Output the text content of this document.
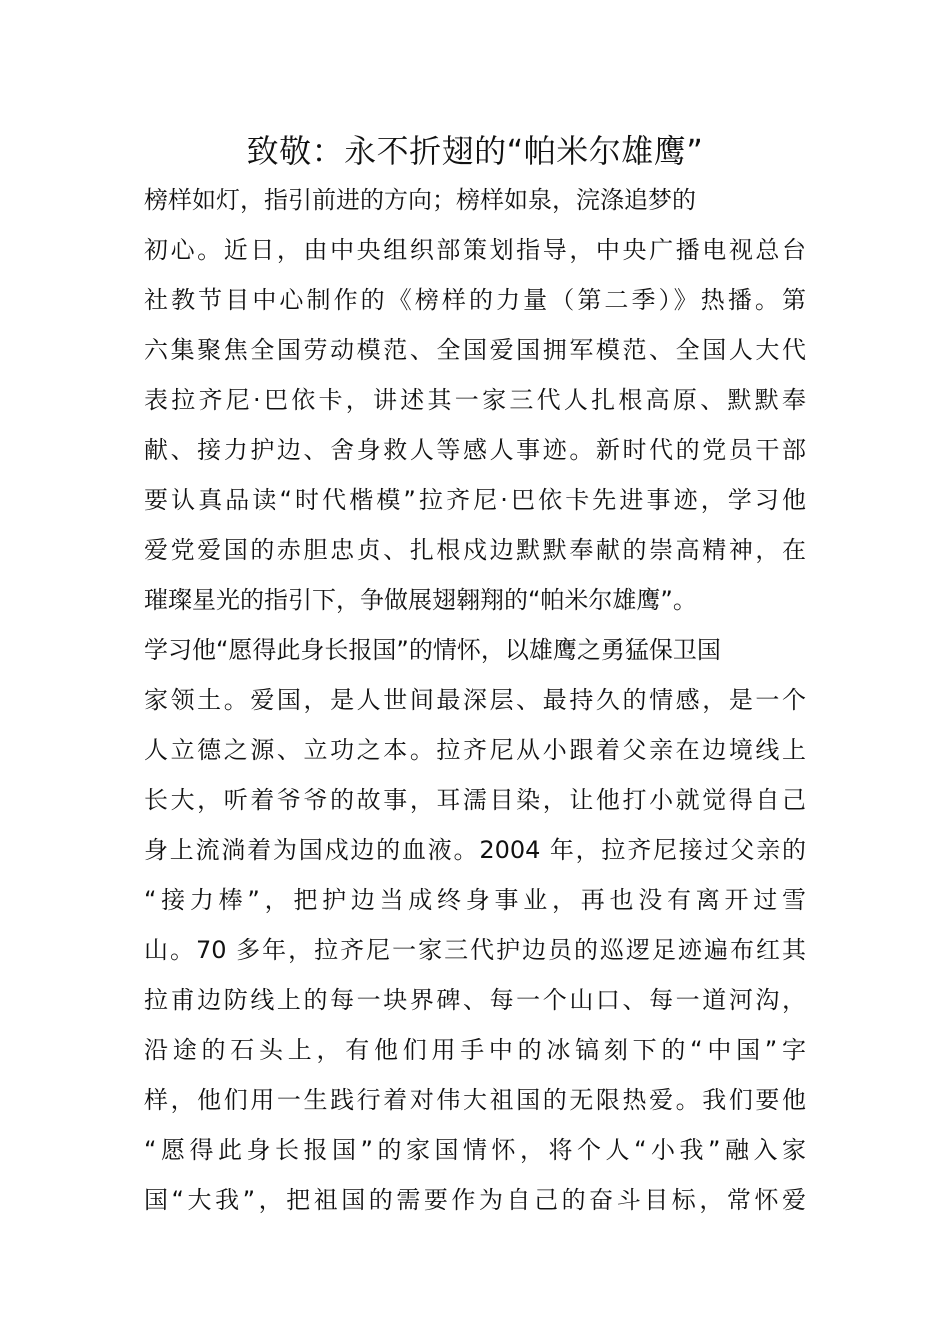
致敬：永不折翅的“帕米尔雄鹰”
榜样如灯，指引前进的方向；榜样如泉，浣涤追梦的
初心。近日，由中央组织部策划指导，中央广播电视总台
社教节目中心制作的《榜样的力量（第二季）》热播。第
六集聚焦全国劳动模范、全国爱国拥军模范、全国人大代
表拉齐尼·巴依卡，讲述其一家三代人扎根高原、默默奉
献、接力护边、舍身救人等感人事迹。新时代的党员干部
要认真品读“时代楷模”拉齐尼·巴依卡先进事迹，学习他
爱党爱国的赤胆忠贞、扎根戍边默默奉献的崇高精神，在
璀璨星光的指引下，争做展翅翱翔的“帕米尔雄鹰”。
学习他“愿得此身长报国”的情怀，以雄鹰之勇猛保卫国
家领土。爱国，是人世间最深层、最持久的情感，是一个
人立德之源、立功之本。拉齐尼从小跟着父亲在边境线上
长大，听着爷爷的故事，耳濡目染，让他打小就觉得自己
身上流淌着为国戍边的血液。2004 年，拉齐尼接过父亲的
“接力棒”，把护边当成终身事业，再也没有离开过雪
山。70 多年，拉齐尼一家三代护边员的巡逻足迹遍布红其
拉甫边防线上的每一块界碑、每一个山口、每一道河沟，
沿途的石头上，有他们用手中的冰镐刻下的“中国”字
样，他们用一生践行着对伟大祖国的无限热爱。我们要他
“愿得此身长报国”的家国情怀，将个人“小我”融入家
国“大我”，把祖国的需要作为自己的奋斗目标，常怀爱
